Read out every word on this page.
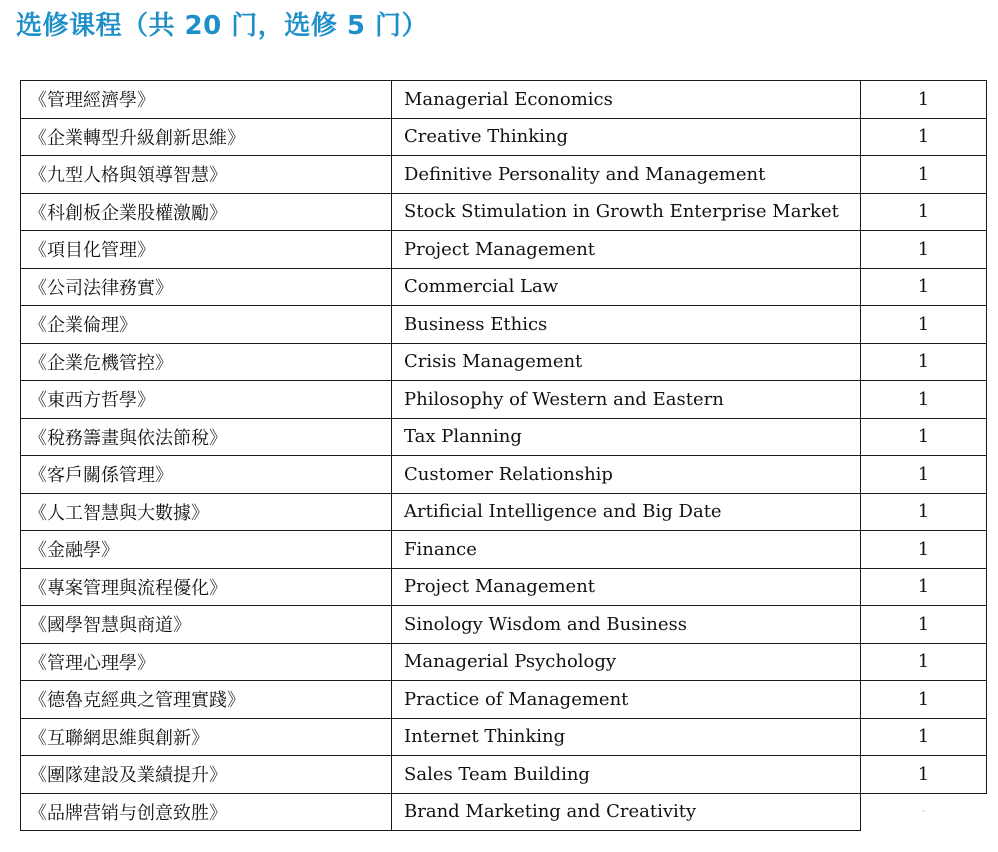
选修课程（共 20 门，选修 5 门）
《管理經濟學》	Managerial Economics	1
《企業轉型升級創新思維》	Creative Thinking	1
《九型人格與領導智慧》	Definitive Personality and Management	1
《科創板企業股權激勵》	Stock Stimulation in Growth Enterprise Market	1
《項目化管理》	Project Management	1
《公司法律務實》	Commercial Law	1
《企業倫理》	Business Ethics	1
《企業危機管控》	Crisis Management	1
《東西方哲學》	Philosophy of Western and Eastern	1
《稅務籌畫與依法節稅》	Tax Planning	1
《客戶關係管理》	Customer Relationship	1
《人工智慧與大數據》	Artificial Intelligence and Big Date	1
《金融學》	Finance	1
《專案管理與流程優化》	Project Management	1
《國學智慧與商道》	Sinology Wisdom and Business	1
《管理心理學》	Managerial Psychology	1
《德魯克經典之管理實踐》	Practice of Management	1
《互聯網思維與創新》	Internet Thinking	1
《團隊建設及業績提升》	Sales Team Building	1
《品牌营销与创意致胜》	Brand Marketing and Creativity	-
